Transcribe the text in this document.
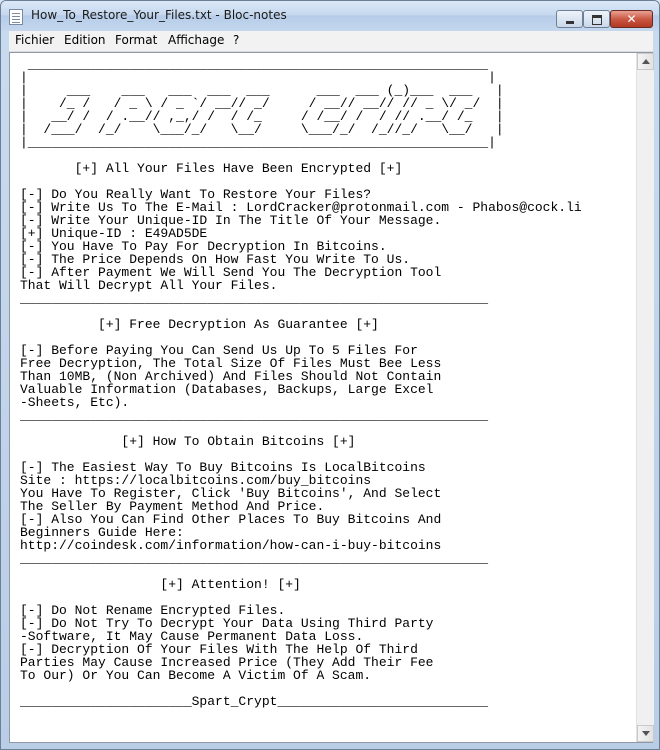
How_To_Restore_Your_Files.txt - Bloc-notes	✕
Fichier Edition Format Affichage ?
___________________________________________________________
|                                                           |
|     ___    ___   ___  ___  ___      ___  ___ (_)___  ___   |
|    /_ /   / _ \ / _ `/ __// _/     / __// __// // _ \/ _/  |
|   __/ /  / .__// ,_,/ /  / /_     / /__/ /  / // .__/ /_   |
|  /___/  /_/    \___/_/   \__/     \___/_/  /_//_/   \__/   |
|___________________________________________________________|

[+] All Your Files Have Been Encrypted [+]

[-] Do You Really Want To Restore Your Files?
[-] Write Us To The E-Mail : LordCracker@protonmail.com - Phabos@cock.li
[-] Write Your Unique-ID In The Title Of Your Message.
[+] Unique-ID : E49AD5DE
[-] You Have To Pay For Decryption In Bitcoins.
[-] The Price Depends On How Fast You Write To Us.
[-] After Payment We Will Send You The Decryption Tool
That Will Decrypt All Your Files.
____________________________________________________________

[+] Free Decryption As Guarantee [+]

[-] Before Paying You Can Send Us Up To 5 Files For
Free Decryption, The Total Size Of Files Must Bee Less
Than 10MB, (Non Archived) And Files Should Not Contain
Valuable Information (Databases, Backups, Large Excel
-Sheets, Etc).
____________________________________________________________

[+] How To Obtain Bitcoins [+]

[-] The Easiest Way To Buy Bitcoins Is LocalBitcoins
Site : https://localbitcoins.com/buy_bitcoins
You Have To Register, Click 'Buy Bitcoins', And Select
The Seller By Payment Method And Price.
[-] Also You Can Find Other Places To Buy Bitcoins And
Beginners Guide Here:
http://coindesk.com/information/how-can-i-buy-bitcoins
____________________________________________________________

[+] Attention! [+]

[-] Do Not Rename Encrypted Files.
[-] Do Not Try To Decrypt Your Data Using Third Party
-Software, It May Cause Permanent Data Loss.
[-] Decryption Of Your Files With The Help Of Third
Parties May Cause Increased Price (They Add Their Fee
To Our) Or You Can Become A Victim Of A Scam.

______________________Spart_Crypt___________________________
